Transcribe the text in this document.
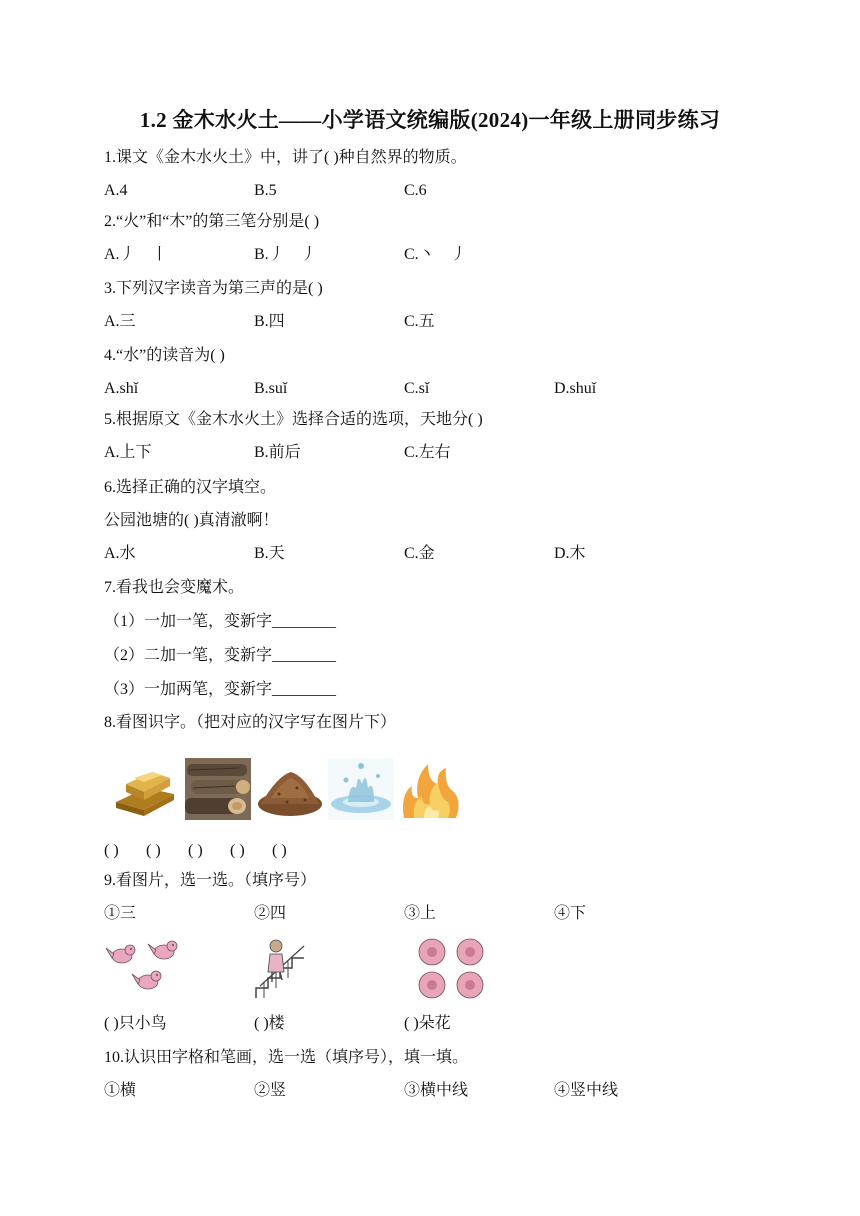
1.2 金木水火土——小学语文统编版(2024)一年级上册同步练习
1.课文《金木水火土》中，讲了( )种自然界的物质。
A.4	B.5	C.6
2.“火”和“木”的第三笔分别是( )
A.丿　丨	B.丿　丿	C.丶　丿
3.下列汉字读音为第三声的是( )
A.三	B.四	C.五
4.“水”的读音为( )
A.shǐ	B.suǐ	C.sǐ	D.shuǐ
5.根据原文《金木水火土》选择合适的选项，天地分( )
A.上下	B.前后	C.左右
6.选择正确的汉字填空。
公园池塘的( )真清澈啊！
A.水	B.天	C.金	D.木
7.看我也会变魔术。
（1）一加一笔，变新字________
（2）二加一笔，变新字________
（3）一加两笔，变新字________
8.看图识字。（把对应的汉字写在图片下）
( ) ( ) ( ) ( ) ( )
9.看图片，选一选。（填序号）
①三	②四	③上	④下
( )只小鸟	( )楼	( )朵花
10.认识田字格和笔画，选一选（填序号），填一填。
①横	②竖	③横中线	④竖中线
